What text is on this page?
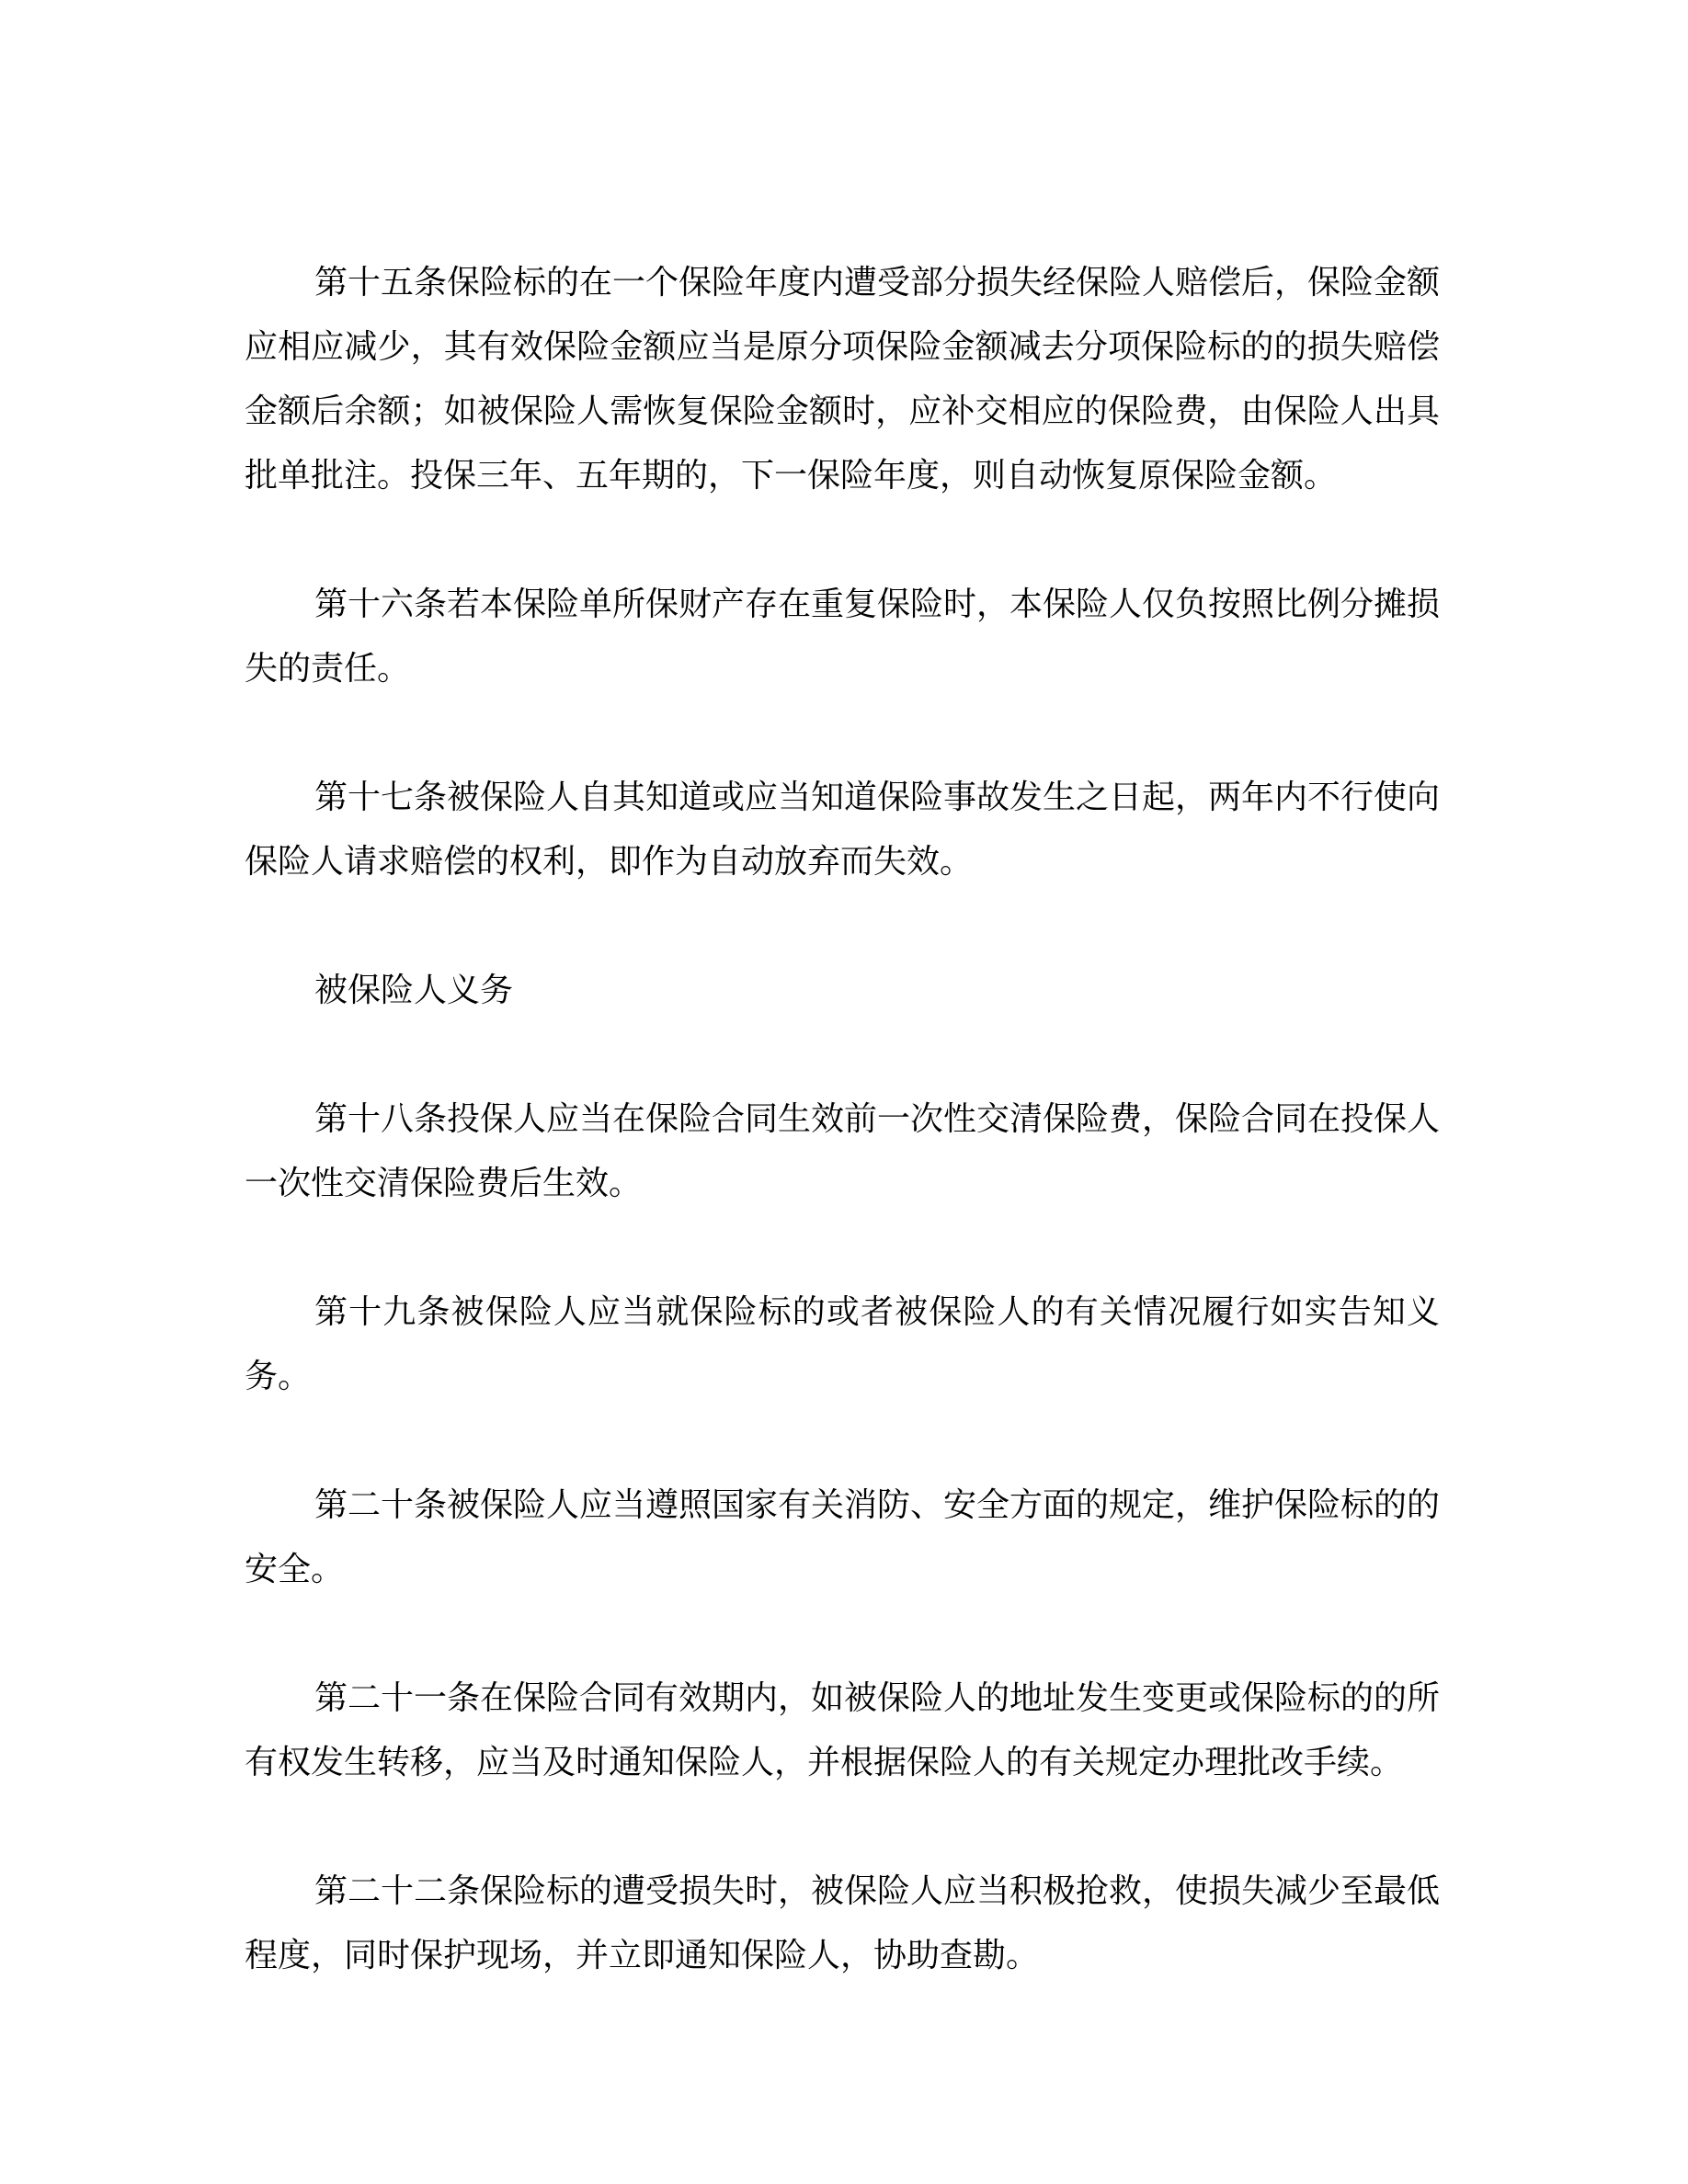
第十五条保险标的在一个保险年度内遭受部分损失经保险人赔偿后，保险金额应相应减少，其有效保险金额应当是原分项保险金额减去分项保险标的的损失赔偿金额后余额；如被保险人需恢复保险金额时，应补交相应的保险费，由保险人出具批单批注。投保三年、五年期的，下一保险年度，则自动恢复原保险金额。

第十六条若本保险单所保财产存在重复保险时，本保险人仅负按照比例分摊损失的责任。

第十七条被保险人自其知道或应当知道保险事故发生之日起，两年内不行使向保险人请求赔偿的权利，即作为自动放弃而失效。

被保险人义务

第十八条投保人应当在保险合同生效前一次性交清保险费，保险合同在投保人一次性交清保险费后生效。

第十九条被保险人应当就保险标的或者被保险人的有关情况履行如实告知义务。

第二十条被保险人应当遵照国家有关消防、安全方面的规定，维护保险标的的安全。

第二十一条在保险合同有效期内，如被保险人的地址发生变更或保险标的的所有权发生转移，应当及时通知保险人，并根据保险人的有关规定办理批改手续。

第二十二条保险标的遭受损失时，被保险人应当积极抢救，使损失减少至最低程度，同时保护现场，并立即通知保险人，协助查勘。
